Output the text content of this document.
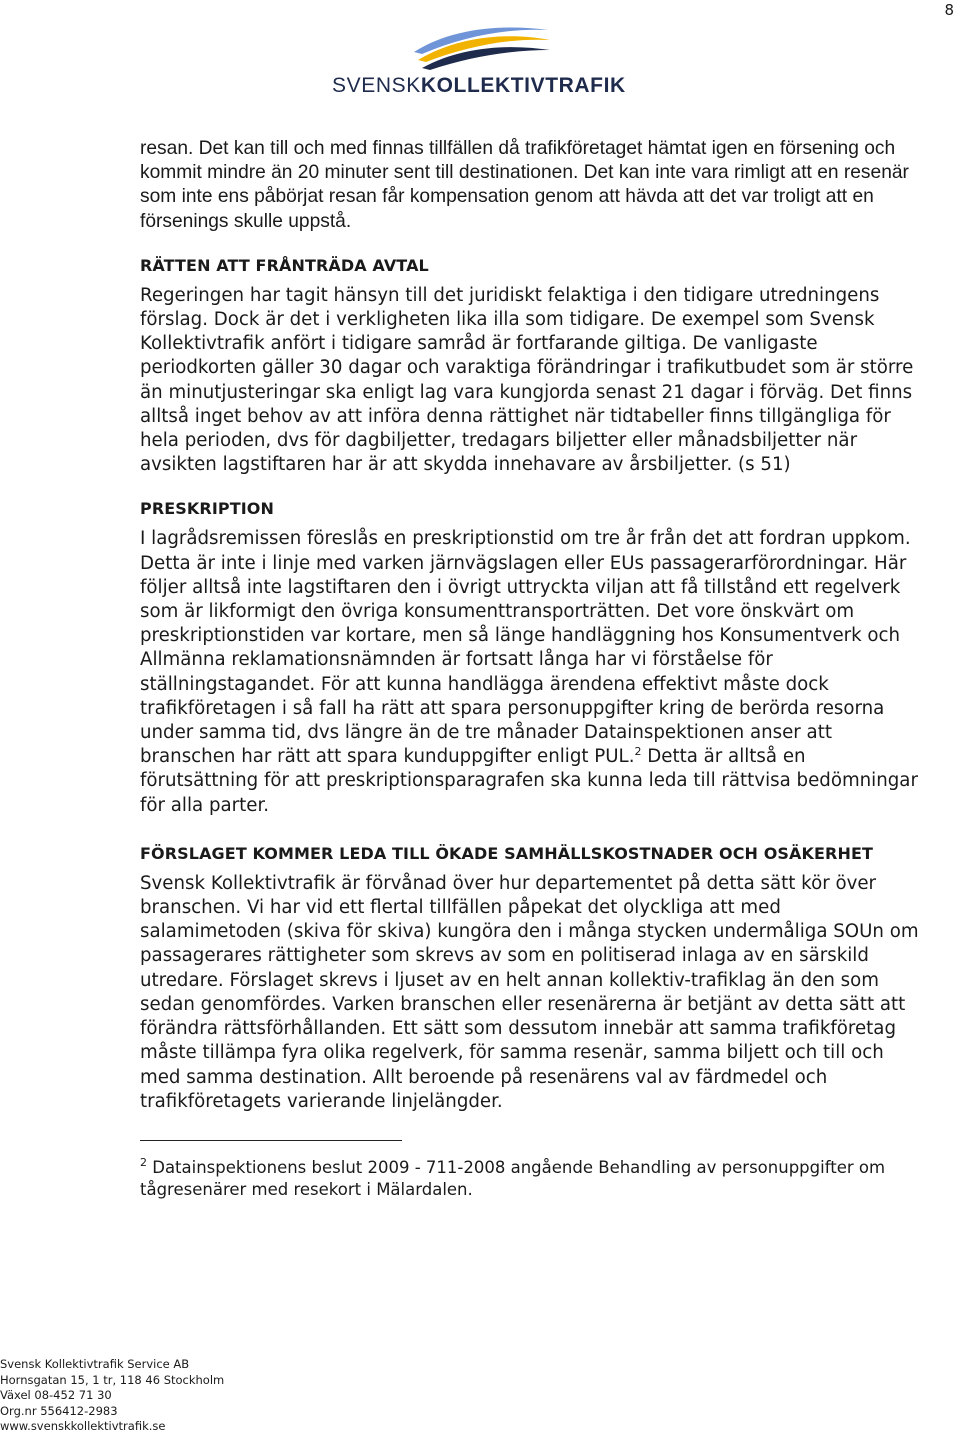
8
SVENSKKOLLEKTIVTRAFIK

resan. Det kan till och med finnas tillfällen då trafikföretaget hämtat igen en försening och kommit mindre än 20 minuter sent till destinationen. Det kan inte vara rimligt att en resenär som inte ens påbörjat resan får kompensation genom att hävda att det var troligt att en försenings skulle uppstå.

RÄTTEN ATT FRÅNTRÄDA AVTAL

Regeringen har tagit hänsyn till det juridiskt felaktiga i den tidigare utredningens förslag. Dock är det i verkligheten lika illa som tidigare. De exempel som Svensk Kollektivtrafik anfört i tidigare samråd är fortfarande giltiga. De vanligaste periodkorten gäller 30 dagar och varaktiga förändringar i trafikutbudet som är större än minutjusteringar ska enligt lag vara kungjorda senast 21 dagar i förväg. Det finns alltså inget behov av att införa denna rättighet när tidtabeller finns tillgängliga för hela perioden, dvs för dagbiljetter, tredagars biljetter eller månadsbiljetter när avsikten lagstiftaren har är att skydda innehavare av årsbiljetter. (s 51)

PRESKRIPTION

I lagrådsremissen föreslås en preskriptionstid om tre år från det att fordran uppkom. Detta är inte i linje med varken järnvägslagen eller EUs passagerarförordningar. Här följer alltså inte lagstiftaren den i övrigt uttryckta viljan att få tillstånd ett regelverk som är likformigt den övriga konsumenttransporträtten. Det vore önskvärt om preskriptionstiden var kortare, men så länge handläggning hos Konsumentverk och Allmänna reklamationsnämnden är fortsatt långa har vi förståelse för ställningstagandet. För att kunna handlägga ärendena effektivt måste dock trafikföretagen i så fall ha rätt att spara personuppgifter kring de berörda resorna under samma tid, dvs längre än de tre månader Datainspektionen anser att branschen har rätt att spara kunduppgifter enligt PUL.$^2$ Detta är alltså en förutsättning för att preskriptionsparagrafen ska kunna leda till rättvisa bedömningar för alla parter.

FÖRSLAGET KOMMER LEDA TILL ÖKADE SAMHÄLLSKOSTNADER OCH OSÄKERHET

Svensk Kollektivtrafik är förvånad över hur departementet på detta sätt kör över branschen. Vi har vid ett flertal tillfällen påpekat det olyckliga att med salamimetoden (skiva för skiva) kungöra den i många stycken undermåliga SOUn om passagerares rättigheter som skrevs av som en politiserad inlaga av en särskild utredare. Förslaget skrevs i ljuset av en helt annan kollektiv-trafiklag än den som sedan genomfördes. Varken branschen eller resenärerna är betjänt av detta sätt att förändra rättsförhållanden. Ett sätt som dessutom innebär att samma trafikföretag måste tillämpa fyra olika regelverk, för samma resenär, samma biljett och till och med samma destination. Allt beroende på resenärens val av färdmedel och trafikföretagets varierande linjelängder.

$^2$ Datainspektionens beslut 2009 - 711-2008 angående Behandling av personuppgifter om tågresenärer med resekort i Mälardalen.

Svensk Kollektivtrafik Service AB
Hornsgatan 15, 1 tr, 118 46 Stockholm
Växel 08-452 71 30
Org.nr 556412-2983
www.svenskkollektivtrafik.se
